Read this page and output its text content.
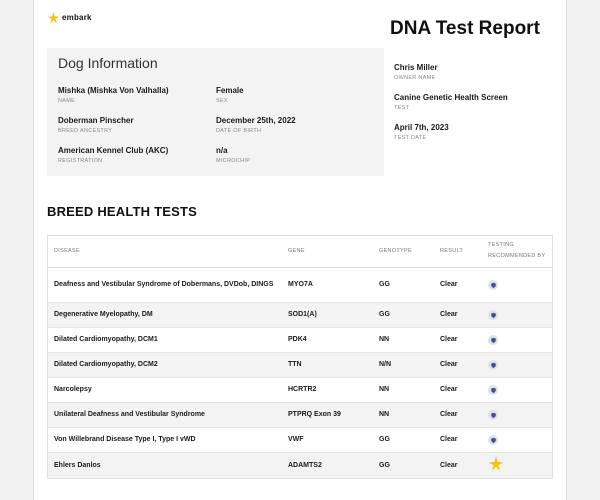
embark
DNA Test Report
Dog Information
Mishka (Mishka Von Valhalla)
NAME
Female
SEX
Doberman Pinscher
BREED ANCESTRY
December 25th, 2022
DATE OF BIRTH
American Kennel Club (AKC)
REGISTRATION
n/a
MICROCHIP
Chris Miller
OWNER NAME
Canine Genetic Health Screen
TEST
April 7th, 2023
TEST DATE
BREED HEALTH TESTS
DISEASE	GENE	GENOTYPE	RESULT
TESTING
RECOMMENDED BY
Deafness and Vestibular Syndrome of Dobermans, DVDob, DINGS	MYO7A	GG	Clear
Degenerative Myelopathy, DM	SOD1(A)	GG	Clear
Dilated Cardiomyopathy, DCM1	PDK4	NN	Clear
Dilated Cardiomyopathy, DCM2	TTN	N/N	Clear
Narcolepsy	HCRTR2	NN	Clear
Unilateral Deafness and Vestibular Syndrome	PTPRQ Exon 39	NN	Clear
Von Willebrand Disease Type I, Type I vWD	VWF	GG	Clear
Ehlers Danlos	ADAMTS2	GG	Clear
